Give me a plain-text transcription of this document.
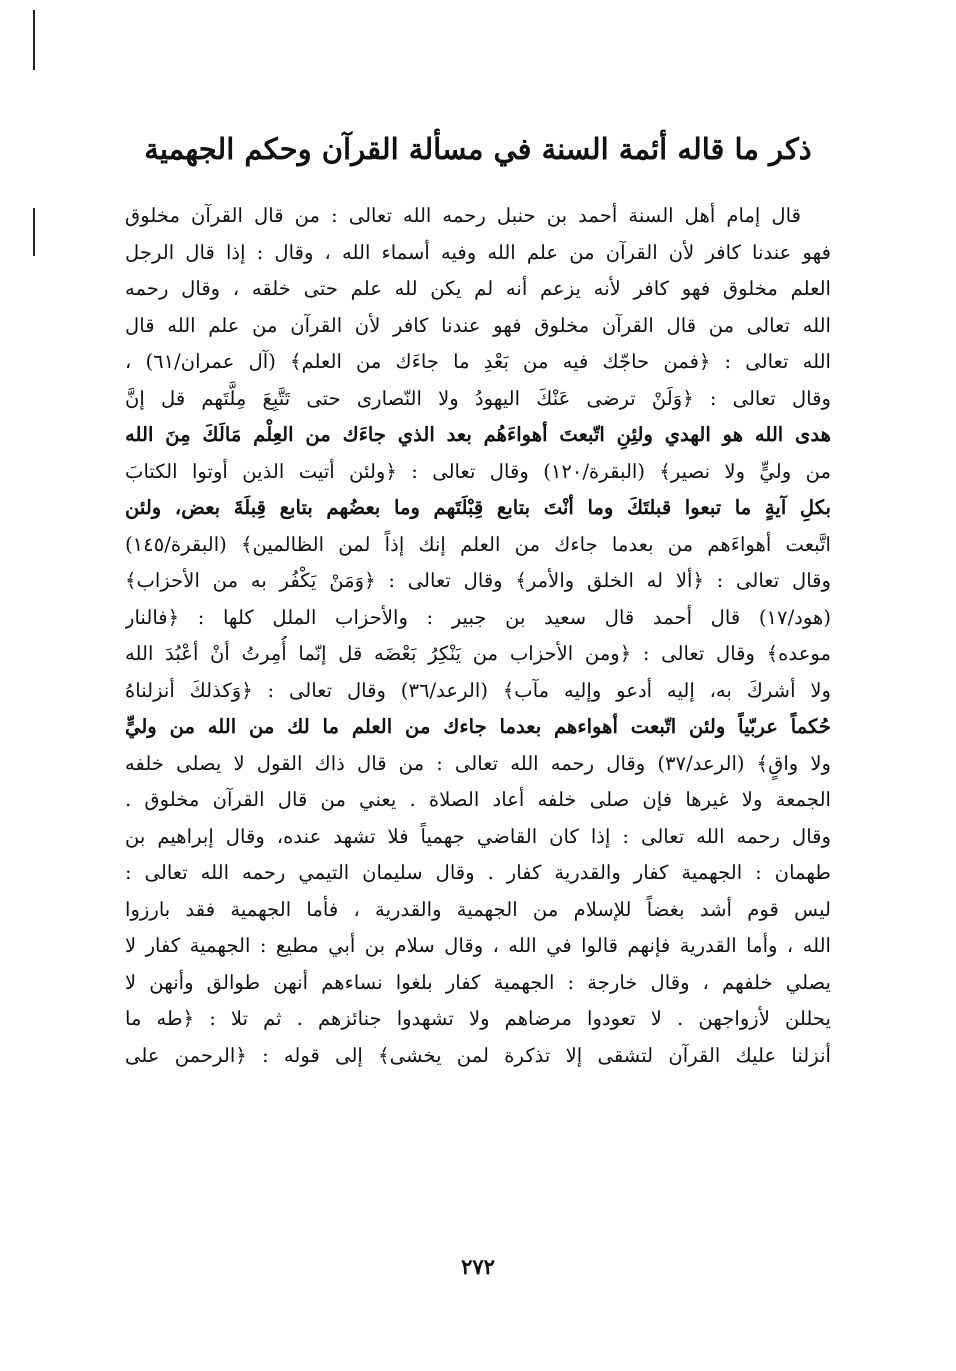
ذكر ما قاله أئمة السنة في مسألة القرآن وحكم الجهمية
قال إمام أهل السنة أحمد بن حنبل رحمه الله تعالى : من قال القرآن مخلوق
فهو عندنا كافر لأن القرآن من علم الله وفيه أسماء الله ، وقال : إذا قال الرجل
العلم مخلوق فهو كافر لأنه يزعم أنه لم يكن لله علم حتى خلقه ، وقال رحمه
الله تعالى من قال القرآن مخلوق فهو عندنا كافر لأن القرآن من علم الله قال
الله تعالى : ﴿فمن حاجّك فيه من بَعْدِ ما جاءَك من العلم﴾ (آل عمران/٦١) ،
وقال تعالى : ﴿وَلَنْ ترضى عَنْكَ اليهودُ ولا النّصارى حتى تَتَّبِعَ مِلَّتَهم قل إنَّ
هدى الله هو الهدي ولئِنِ اتّبعتَ أهواءَهُم بعد الذي جاءَك من العِلْم مَالَكَ مِنَ الله
من وليٍّ ولا نصير﴾ (البقرة/١٢٠) وقال تعالى : ﴿ولئن أتيت الذين أوتوا الكتابَ
بكلِ آيةٍ ما تبعوا قبلتَكَ وما أنْتَ بتابع قِبْلَتَهم وما بعضُهم بتابع قِبلَةَ بعض، ولئن
اتَّبعت أهواءَهم من بعدما جاءك من العلم إنك إذاً لمن الظالمين﴾ (البقرة/١٤٥)
وقال تعالى : ﴿ألا له الخلق والأمر﴾ وقال تعالى : ﴿وَمَنْ يَكْفُر به من الأحزاب﴾
(هود/١٧) قال أحمد قال سعيد بن جبير : والأحزاب الملل كلها : ﴿فالنار
موعده﴾ وقال تعالى : ﴿ومن الأحزاب من يَنْكِرُ بَعْضَه قل إنّما أُمِرتُ أنْ أعْبُدَ الله
ولا أشركَ به، إليه أدعو وإليه مآب﴾ (الرعد/٣٦) وقال تعالى : ﴿وَكذلكَ أنزلناهُ
حُكماً عربّياً ولئن اتّبعت أهواءهم بعدما جاءك من العلم ما لك من الله من وليٍّ
ولا واقٍ﴾ (الرعد/٣٧) وقال رحمه الله تعالى : من قال ذاك القول لا يصلى خلفه
الجمعة ولا غيرها فإن صلى خلفه أعاد الصلاة . يعني من قال القرآن مخلوق .
وقال رحمه الله تعالى : إذا كان القاضي جهمياً فلا تشهد عنده، وقال إبراهيم بن
طهمان : الجهمية كفار والقدرية كفار . وقال سليمان التيمي رحمه الله تعالى :
ليس قوم أشد بغضاً للإسلام من الجهمية والقدرية ، فأما الجهمية فقد بارزوا
الله ، وأما القدرية فإنهم قالوا في الله ، وقال سلام بن أبي مطيع : الجهمية كفار لا
يصلي خلفهم ، وقال خارجة : الجهمية كفار بلغوا نساءهم أنهن طوالق وأنهن لا
يحللن لأزواجهن . لا تعودوا مرضاهم ولا تشهدوا جنائزهم . ثم تلا : ﴿طه ما
أنزلنا عليك القرآن لتشقى إلا تذكرة لمن يخشى﴾ إلى قوله : ﴿الرحمن على
٢٧٢
